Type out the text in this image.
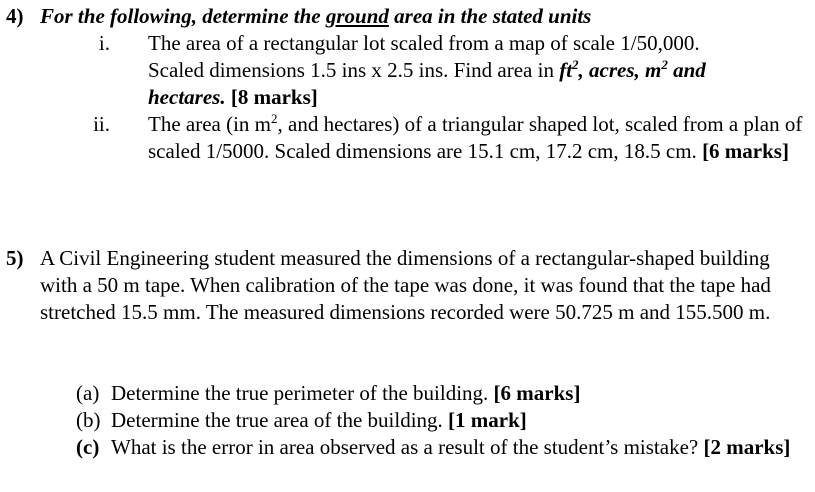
4) For the following, determine the ground area in the stated units
i. The area of a rectangular lot scaled from a map of scale 1/50,000.
Scaled dimensions 1.5 ins x 2.5 ins. Find area in $ft^2$, acres, $m^2$ and
hectares. [8 marks]
ii. The area (in $m^2$, and hectares) of a triangular shaped lot, scaled from a plan of scaled 1/5000. Scaled dimensions are 15.1 cm, 17.2 cm, 18.5 cm. [6 marks]
5) A Civil Engineering student measured the dimensions of a rectangular-shaped building with a 50 m tape. When calibration of the tape was done, it was found that the tape had stretched 15.5 mm. The measured dimensions recorded were 50.725 m and 155.500 m.
(a) Determine the true perimeter of the building. [6 marks]
(b) Determine the true area of the building. [1 mark]
(c) What is the error in area observed as a result of the student’s mistake? [2 marks]
